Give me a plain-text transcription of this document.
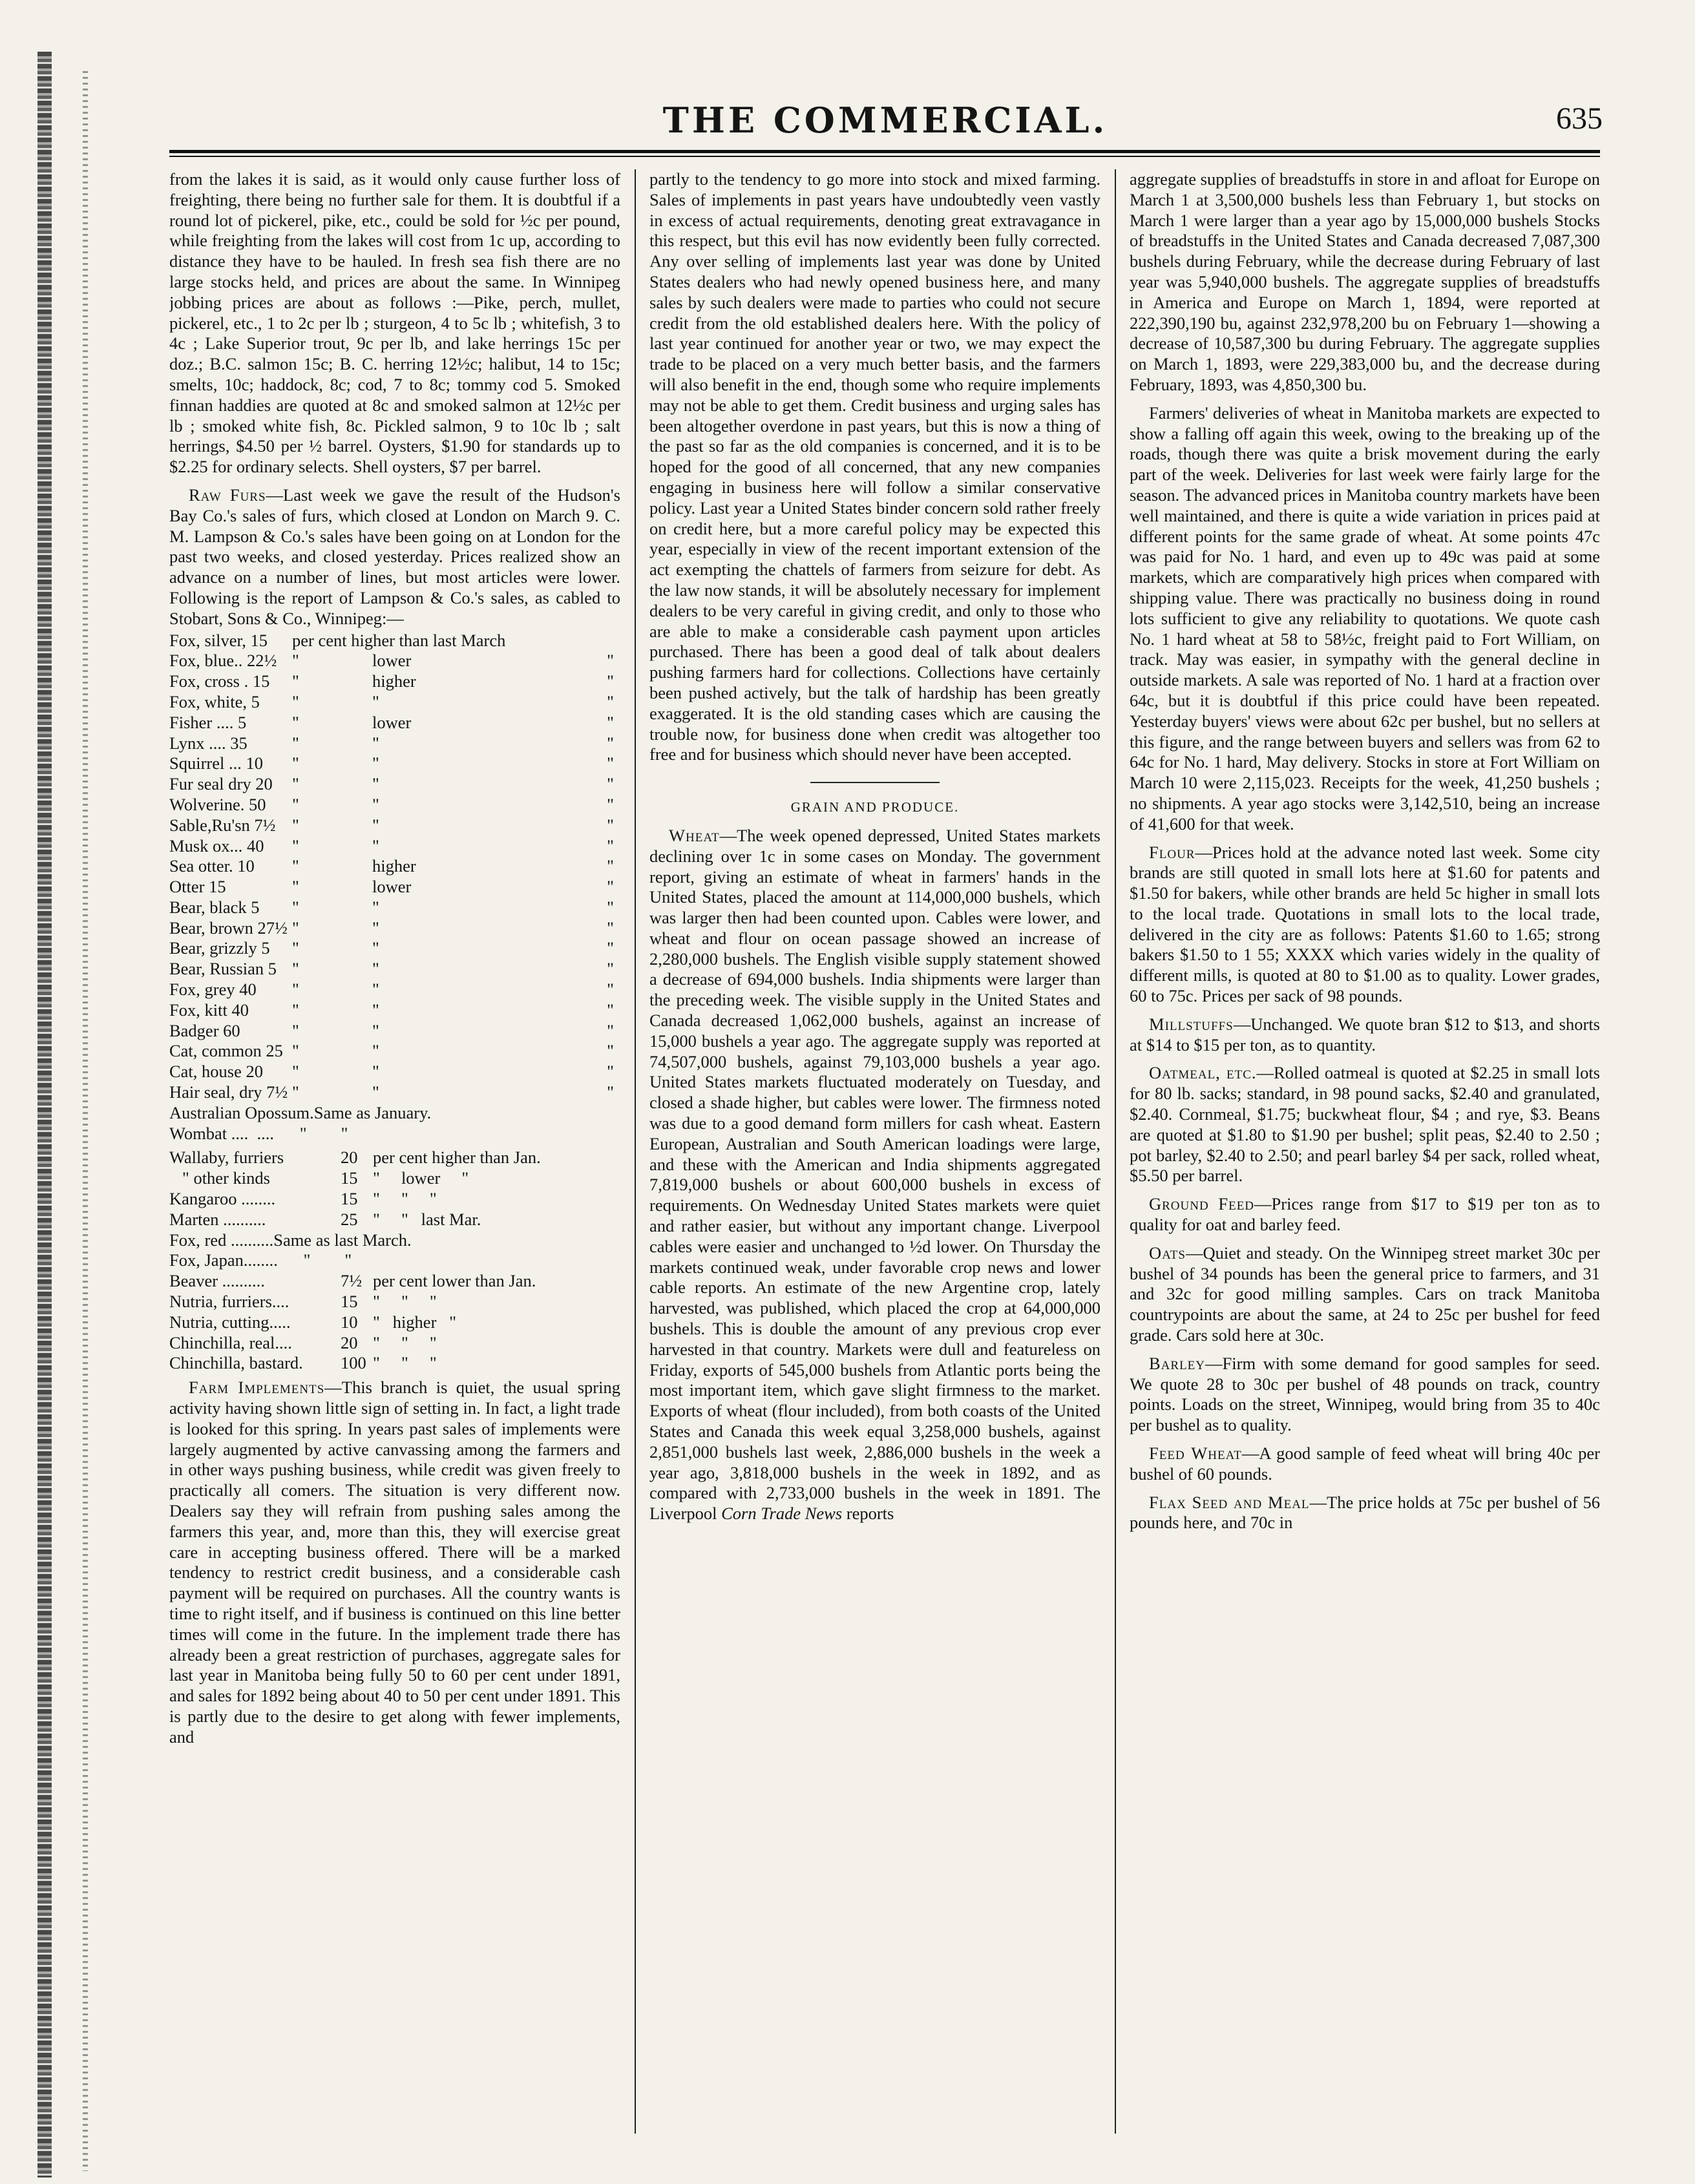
THE COMMERCIAL.	635

from the lakes it is said, as it would only cause further loss of freighting, there being no further sale for them. It is doubtful if a round lot of pickerel, pike, etc., could be sold for ½c per pound, while freighting from the lakes will cost from 1c up, according to distance they have to be hauled. In fresh sea fish there are no large stocks held, and prices are about the same. In Winnipeg jobbing prices are about as follows :—Pike, perch, mullet, pickerel, etc., 1 to 2c per lb ; sturgeon, 4 to 5c lb ; whitefish, 3 to 4c ; Lake Superior trout, 9c per lb, and lake herrings 15c per doz.; B.C. salmon 15c; B. C. herring 12½c; halibut, 14 to 15c; smelts, 10c; haddock, 8c; cod, 7 to 8c; tommy cod 5. Smoked finnan haddies are quoted at 8c and smoked salmon at 12½c per lb ; smoked white fish, 8c. Pickled salmon, 9 to 10c lb ; salt herrings, $4.50 per ½ barrel. Oysters, $1.90 for standards up to $2.25 for ordinary selects. Shell oysters, $7 per barrel.

Raw Furs—Last week we gave the result of the Hudson's Bay Co.'s sales of furs, which closed at London on March 9. C. M. Lampson & Co.'s sales have been going on at London for the past two weeks, and closed yesterday. Prices realized show an advance on a number of lines, but most articles were lower. Following is the report of Lampson & Co.'s sales, as cabled to Stobart, Sons & Co., Winnipeg:—

Fox, silver, 15	per cent higher than last March		
Fox, blue.. 22½	"	lower	"
Fox, cross . 15	"	higher	"
Fox, white, 5	"	"	"
Fisher .... 5	"	lower	"
Lynx .... 35	"	"	"
Squirrel ... 10	"	"	"
Fur seal dry 20	"	"	"
Wolverine. 50	"	"	"
Sable,Ru'sn 7½	"	"	"
Musk ox... 40	"	"	"
Sea otter. 10	"	higher	"
Otter 15	"	lower	"
Bear, black 5	"	"	"
Bear, brown 27½	"	"	"
Bear, grizzly 5	"	"	"
Bear, Russian 5	"	"	"
Fox, grey 40	"	"	"
Fox, kitt 40	"	"	"
Badger 60	"	"	"
Cat, common 25	"	"	"
Cat, house 20	"	"	"
Hair seal, dry 7½	"	"	"
Australian Opossum.Same as January.			
Wombat ....  ....      "        "			
Wallaby, furriers	20	per cent higher than Jan.
" other kinds	15	"     lower     "
Kangaroo ........	15	"     "     "
Marten ..........	25	"     "   last Mar.
Fox, red ..........Same as last March.		
Fox, Japan........      "        "		
Beaver ..........	7½	per cent lower than Jan.
Nutria, furriers....	15	"     "     "
Nutria, cutting.....	10	"   higher   "
Chinchilla, real....	20	"     "     "
Chinchilla, bastard.	100	"     "     "

Farm Implements—This branch is quiet, the usual spring activity having shown little sign of setting in. In fact, a light trade is looked for this spring. In years past sales of implements were largely augmented by active canvassing among the farmers and in other ways pushing business, while credit was given freely to practically all comers. The situation is very different now. Dealers say they will refrain from pushing sales among the farmers this year, and, more than this, they will exercise great care in accepting business offered. There will be a marked tendency to restrict credit business, and a considerable cash payment will be required on purchases. All the country wants is time to right itself, and if business is continued on this line better times will come in the future. In the implement trade there has already been a great restriction of purchases, aggregate sales for last year in Manitoba being fully 50 to 60 per cent under 1891, and sales for 1892 being about 40 to 50 per cent under 1891. This is partly due to the desire to get along with fewer implements, and

partly to the tendency to go more into stock and mixed farming. Sales of implements in past years have undoubtedly veen vastly in excess of actual requirements, denoting great extravagance in this respect, but this evil has now evidently been fully corrected. Any over selling of implements last year was done by United States dealers who had newly opened business here, and many sales by such dealers were made to parties who could not secure credit from the old established dealers here. With the policy of last year continued for another year or two, we may expect the trade to be placed on a very much better basis, and the farmers will also benefit in the end, though some who require implements may not be able to get them. Credit business and urging sales has been altogether overdone in past years, but this is now a thing of the past so far as the old companies is concerned, and it is to be hoped for the good of all concerned, that any new companies engaging in business here will follow a similar conservative policy. Last year a United States binder concern sold rather freely on credit here, but a more careful policy may be expected this year, especially in view of the recent important extension of the act exempting the chattels of farmers from seizure for debt. As the law now stands, it will be absolutely necessary for implement dealers to be very careful in giving credit, and only to those who are able to make a considerable cash payment upon articles purchased. There has been a good deal of talk about dealers pushing farmers hard for collections. Collections have certainly been pushed actively, but the talk of hardship has been greatly exaggerated. It is the old standing cases which are causing the trouble now, for business done when credit was altogether too free and for business which should never have been accepted.

GRAIN AND PRODUCE.

Wheat—The week opened depressed, United States markets declining over 1c in some cases on Monday. The government report, giving an estimate of wheat in farmers' hands in the United States, placed the amount at 114,000,000 bushels, which was larger then had been counted upon. Cables were lower, and wheat and flour on ocean passage showed an increase of 2,280,000 bushels. The English visible supply statement showed a decrease of 694,000 bushels. India shipments were larger than the preceding week. The visible supply in the United States and Canada decreased 1,062,000 bushels, against an increase of 15,000 bushels a year ago. The aggregate supply was reported at 74,507,000 bushels, against 79,103,000 bushels a year ago. United States markets fluctuated moderately on Tuesday, and closed a shade higher, but cables were lower. The firmness noted was due to a good demand form millers for cash wheat. Eastern European, Australian and South American loadings were large, and these with the American and India shipments aggregated 7,819,000 bushels or about 600,000 bushels in excess of requirements. On Wednesday United States markets were quiet and rather easier, but without any important change. Liverpool cables were easier and unchanged to ½d lower. On Thursday the markets continued weak, under favorable crop news and lower cable reports. An estimate of the new Argentine crop, lately harvested, was published, which placed the crop at 64,000,000 bushels. This is double the amount of any previous crop ever harvested in that country. Markets were dull and featureless on Friday, exports of 545,000 bushels from Atlantic ports being the most important item, which gave slight firmness to the market. Exports of wheat (flour included), from both coasts of the United States and Canada this week equal 3,258,000 bushels, against 2,851,000 bushels last week, 2,886,000 bushels in the week a year ago, 3,818,000 bushels in the week in 1892, and as compared with 2,733,000 bushels in the week in 1891. The Liverpool Corn Trade News reports

aggregate supplies of breadstuffs in store in and afloat for Europe on March 1 at 3,500,000 bushels less than February 1, but stocks on March 1 were larger than a year ago by 15,000,000 bushels Stocks of breadstuffs in the United States and Canada decreased 7,087,300 bushels during February, while the decrease during February of last year was 5,940,000 bushels. The aggregate supplies of breadstuffs in America and Europe on March 1, 1894, were reported at 222,390,190 bu, against 232,978,200 bu on February 1—showing a decrease of 10,587,300 bu during February. The aggregate supplies on March 1, 1893, were 229,383,000 bu, and the decrease during February, 1893, was 4,850,300 bu.

Farmers' deliveries of wheat in Manitoba markets are expected to show a falling off again this week, owing to the breaking up of the roads, though there was quite a brisk movement during the early part of the week. Deliveries for last week were fairly large for the season. The advanced prices in Manitoba country markets have been well maintained, and there is quite a wide variation in prices paid at different points for the same grade of wheat. At some points 47c was paid for No. 1 hard, and even up to 49c was paid at some markets, which are comparatively high prices when compared with shipping value. There was practically no business doing in round lots sufficient to give any reliability to quotations. We quote cash No. 1 hard wheat at 58 to 58½c, freight paid to Fort William, on track. May was easier, in sympathy with the general decline in outside markets. A sale was reported of No. 1 hard at a fraction over 64c, but it is doubtful if this price could have been repeated. Yesterday buyers' views were about 62c per bushel, but no sellers at this figure, and the range between buyers and sellers was from 62 to 64c for No. 1 hard, May delivery. Stocks in store at Fort William on March 10 were 2,115,023. Receipts for the week, 41,250 bushels ; no shipments. A year ago stocks were 3,142,510, being an increase of 41,600 for that week.

Flour—Prices hold at the advance noted last week. Some city brands are still quoted in small lots here at $1.60 for patents and $1.50 for bakers, while other brands are held 5c higher in small lots to the local trade. Quotations in small lots to the local trade, delivered in the city are as follows: Patents $1.60 to 1.65; strong bakers $1.50 to 1 55; XXXX which varies widely in the quality of different mills, is quoted at 80 to $1.00 as to quality. Lower grades, 60 to 75c. Prices per sack of 98 pounds.

Millstuffs—Unchanged. We quote bran $12 to $13, and shorts at $14 to $15 per ton, as to quantity.

Oatmeal, etc.—Rolled oatmeal is quoted at $2.25 in small lots for 80 lb. sacks; standard, in 98 pound sacks, $2.40 and granulated, $2.40. Cornmeal, $1.75; buckwheat flour, $4 ; and rye, $3. Beans are quoted at $1.80 to $1.90 per bushel; split peas, $2.40 to 2.50 ; pot barley, $2.40 to 2.50; and pearl barley $4 per sack, rolled wheat, $5.50 per barrel.

Ground Feed—Prices range from $17 to $19 per ton as to quality for oat and barley feed.

Oats—Quiet and steady. On the Winnipeg street market 30c per bushel of 34 pounds has been the general price to farmers, and 31 and 32c for good milling samples. Cars on track Manitoba countrypoints are about the same, at 24 to 25c per bushel for feed grade. Cars sold here at 30c.

Barley—Firm with some demand for good samples for seed. We quote 28 to 30c per bushel of 48 pounds on track, country points. Loads on the street, Winnipeg, would bring from 35 to 40c per bushel as to quality.

Feed Wheat—A good sample of feed wheat will bring 40c per bushel of 60 pounds.

Flax Seed and Meal—The price holds at 75c per bushel of 56 pounds here, and 70c in
